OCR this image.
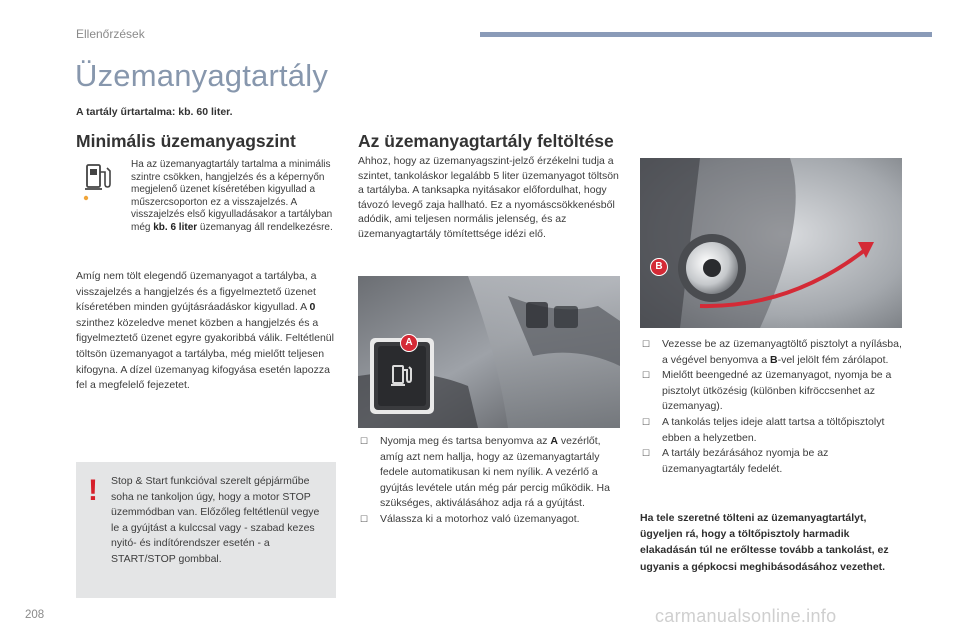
Ellenőrzések
Üzemanyagtartály
A tartály űrtartalma: kb. 60 liter.
Minimális üzemanyagszint
Ha az üzemanyagtartály tartalma a minimális szintre csökken, hangjelzés és a képernyőn megjelenő üzenet kíséretében kigyullad a műszercsoporton ez a visszajelzés. A visszajelzés első kigyulladásakor a tartályban még kb. 6 liter üzemanyag áll rendelkezésre.
Amíg nem tölt elegendő üzemanyagot a tartályba, a visszajelzés a hangjelzés és a figyelmeztető üzenet kíséretében minden gyújtásráadáskor kigyullad. A 0 szinthez közeledve menet közben a hangjelzés és a figyelmeztető üzenet egyre gyakoribbá válik. Feltétlenül töltsön üzemanyagot a tartályba, még mielőtt teljesen kifogyna. A dízel üzemanyag kifogyása esetén lapozza fel a megfelelő fejezetet.
! Stop & Start funkcióval szerelt gépjárműbe soha ne tankoljon úgy, hogy a motor STOP üzemmódban van. Előzőleg feltétlenül vegye le a gyújtást a kulccsal vagy - szabad kezes nyitó- és indítórendszer esetén - a START/STOP gombbal.
Az üzemanyagtartály feltöltése
Ahhoz, hogy az üzemanyagszint-jelző érzékelni tudja a szintet, tankoláskor legalább 5 liter üzemanyagot töltsön a tartályba. A tanksapka nyitásakor előfordulhat, hogy távozó levegő zaja hallható. Ez a nyomáscsökkenésből adódik, ami teljesen normális jelenség, és az üzemanyagtartály tömítettsége idézi elő.
A
☐ Nyomja meg és tartsa benyomva az A vezérlőt, amíg azt nem hallja, hogy az üzemanyagtartály fedele automatikusan ki nem nyílik. A vezérlő a gyújtás levétele után még pár percig működik. Ha szükséges, aktiválásához adja rá a gyújtást.
☐ Válassza ki a motorhoz való üzemanyagot.
B
☐ Vezesse be az üzemanyagtöltő pisztolyt a nyílásba, a végével benyomva a B-vel jelölt fém zárólapot.
☐ Mielőtt beengedné az üzemanyagot, nyomja be a pisztolyt ütközésig (különben kifröccsenhet az üzemanyag).
☐ A tankolás teljes ideje alatt tartsa a töltőpisztolyt ebben a helyzetben.
☐ A tartály bezárásához nyomja be az üzemanyagtartály fedelét.
Ha tele szeretné tölteni az üzemanyagtartályt, ügyeljen rá, hogy a töltőpisztoly harmadik elakadásán túl ne erőltesse tovább a tankolást, ez ugyanis a gépkocsi meghibásodásához vezethet.
208	carmanualsonline.info
